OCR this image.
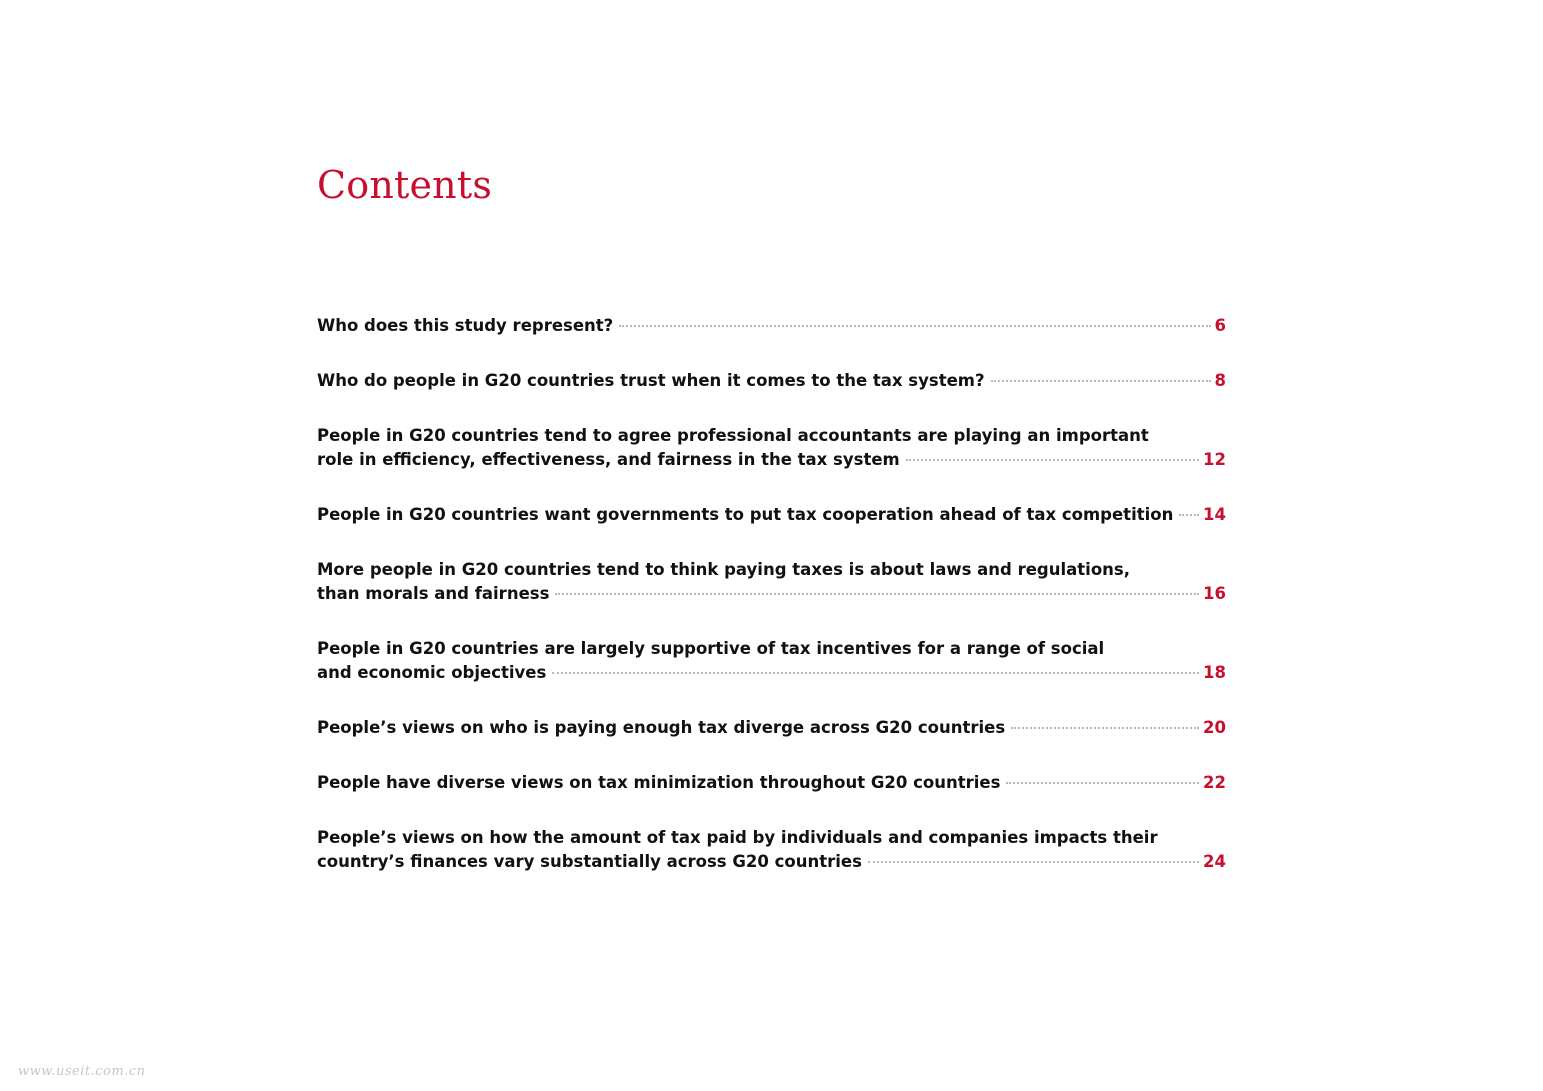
Contents
Who does this study represent?	6
Who do people in G20 countries trust when it comes to the tax system?	8
People in G20 countries tend to agree professional accountants are playing an important
role in efficiency, effectiveness, and fairness in the tax system	12
People in G20 countries want governments to put tax cooperation ahead of tax competition 14
More people in G20 countries tend to think paying taxes is about laws and regulations,
than morals and fairness	16
People in G20 countries are largely supportive of tax incentives for a range of social
and economic objectives	18
People’s views on who is paying enough tax diverge across G20 countries	20
People have diverse views on tax minimization throughout G20 countries	22
People’s views on how the amount of tax paid by individuals and companies impacts their
country’s finances vary substantially across G20 countries	24

www.useit.com.cn
